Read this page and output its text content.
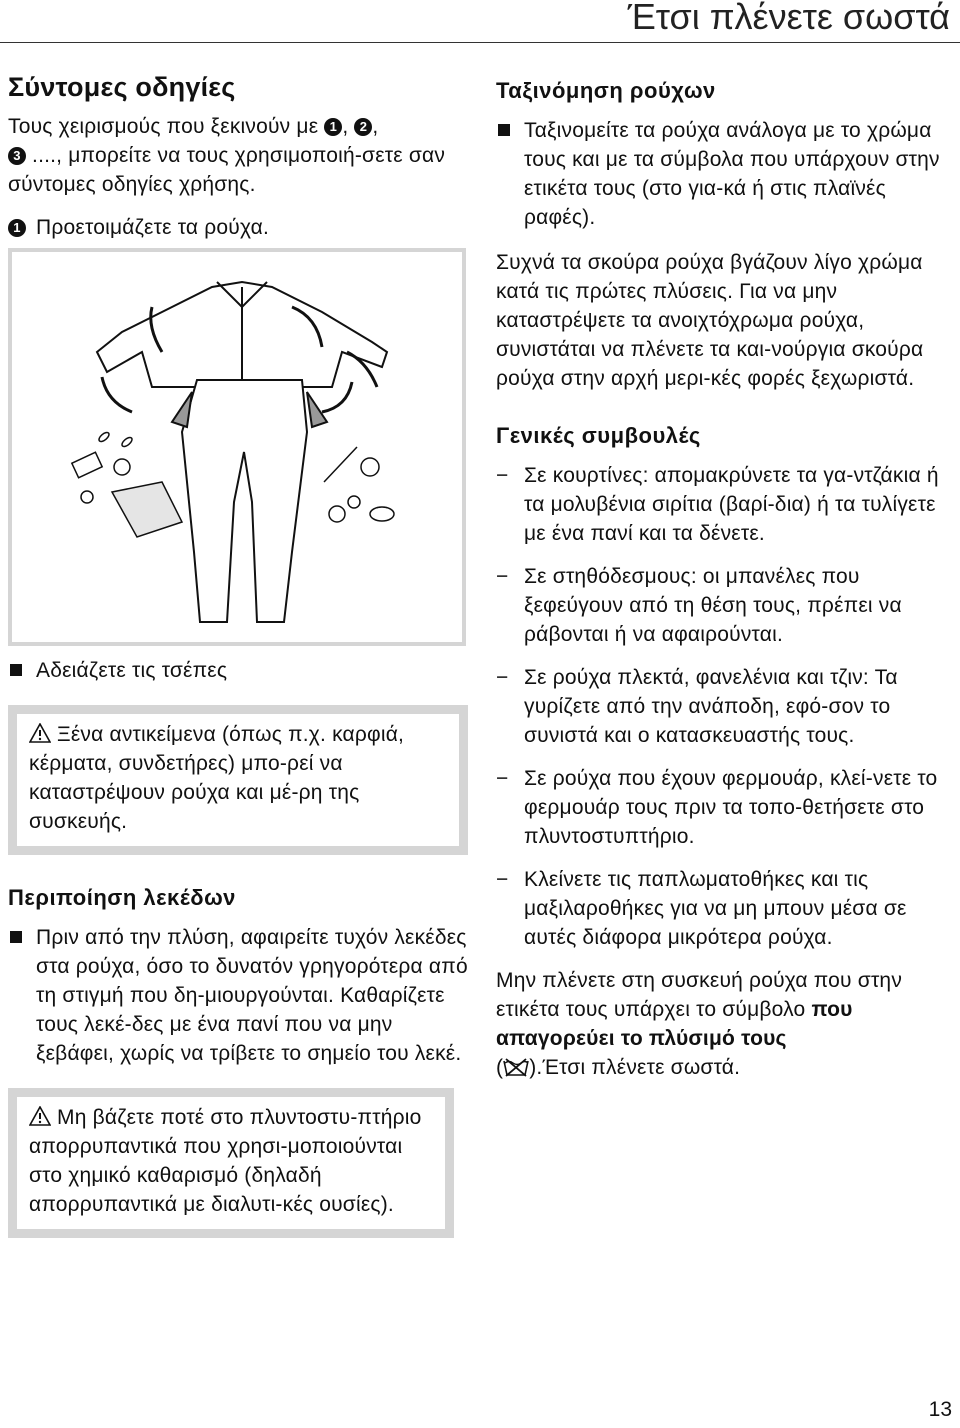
Έτσι πλένετε σωστά
Σύντομες οδηγίες

Τους χειρισμούς που ξεκινούν με 1 , 2 ,
3 ...., μπορείτε να τους χρησιμοποιή-σετε σαν σύντομες οδηγίες χρήσης.

1 Προετοιμάζετε τα ρούχα.

Αδειάζετε τις τσέπες
Ξένα αντικείμενα (όπως π.χ. καρφιά, κέρματα, συνδετήρες) μπο-ρεί να καταστρέψουν ρούχα και μέ-ρη της συσκευής.
Περιποίηση λεκέδων
Πριν από την πλύση, αφαιρείτε τυχόν λεκέδες στα ρούχα, όσο το δυνατόν γρηγορότερα από τη στιγμή που δη-μιουργούνται. Καθαρίζετε τους λεκέ-δες με ένα πανί που να μην ξεβάφει, χωρίς να τρίβετε το σημείο του λεκέ.
Μη βάζετε ποτέ στο πλυντοστυ-πτήριο απορρυπαντικά που χρησι-μοποιούνται στο χημικό καθαρισμό (δηλαδή απορρυπαντικά με διαλυτι-κές ουσίες).
Ταξινόμηση ρούχων
Ταξινομείτε τα ρούχα ανάλογα με το χρώμα τους και με τα σύμβολα που υπάρχουν στην ετικέτα τους (στο για-κά ή στις πλαϊνές ραφές).

Συχνά τα σκούρα ρούχα βγάζουν λίγο χρώμα κατά τις πρώτες πλύσεις. Για να μην καταστρέψετε τα ανοιχτόχρωμα ρούχα, συνιστάται να πλένετε τα και-νούργια σκούρα ρούχα στην αρχή μερι-κές φορές ξεχωριστά.

Γενικές συμβουλές
− Σε κουρτίνες: απομακρύνετε τα γα-ντζάκια ή τα μολυβένια σιρίτια (βαρί-δια) ή τα τυλίγετε με ένα πανί και τα δένετε.
− Σε στηθόδεσμους: οι μπανέλες που ξεφεύγουν από τη θέση τους, πρέπει να ράβονται ή να αφαιρούνται.
− Σε ρούχα πλεκτά, φανελένια και τζιν: Τα γυρίζετε από την ανάποδη, εφό-σον το συνιστά και ο κατασκευαστής τους.
− Σε ρούχα που έχουν φερμουάρ, κλεί-νετε το φερμουάρ τους πριν τα τοπο-θετήσετε στο πλυντοστυπτήριο.
− Κλείνετε τις παπλωματοθήκες και τις μαξιλαροθήκες για να μη μπουν μέσα σε αυτές διάφορα μικρότερα ρούχα.

Μην πλένετε στη συσκευή ρούχα που στην ετικέτα τους υπάρχει το σύμβολο που απαγορεύει το πλύσιμό τους
( ).Έτσι πλένετε σωστά.

13
